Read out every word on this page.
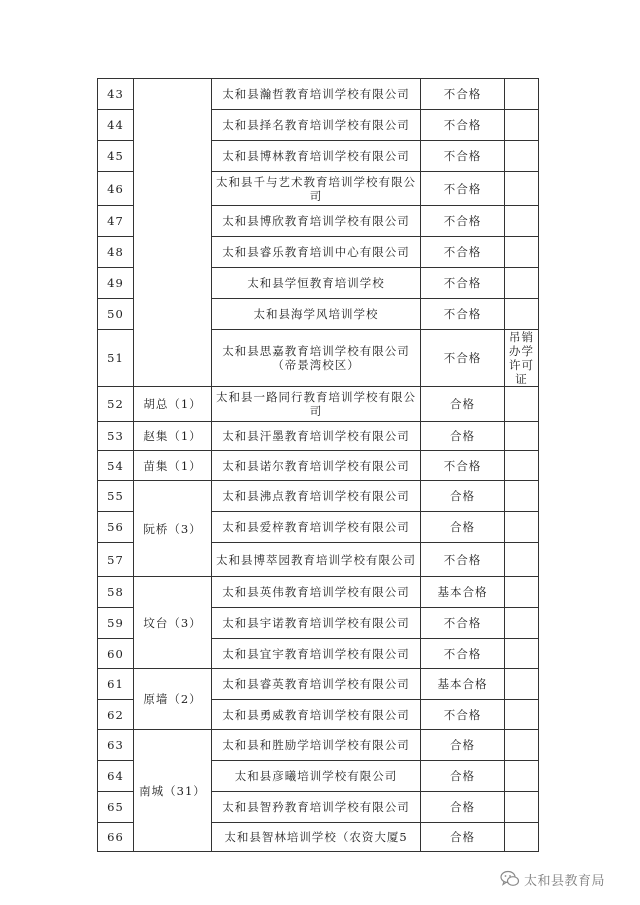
43		太和县瀚哲教育培训学校有限公司	不合格	
44		太和县择名教育培训学校有限公司	不合格	
45		太和县博林教育培训学校有限公司	不合格	
46		太和县千与艺术教育培训学校有限公司	不合格	
47		太和县博欣教育培训学校有限公司	不合格	
48		太和县睿乐教育培训中心有限公司	不合格	
49		太和县学恒教育培训学校	不合格	
50		太和县海学风培训学校	不合格	
51		太和县思嘉教育培训学校有限公司（帝景湾校区）	不合格	吊销办学许可证
52	胡总（1）	太和县一路同行教育培训学校有限公司	合格	
53	赵集（1）	太和县汗墨教育培训学校有限公司	合格	
54	苗集（1）	太和县诺尔教育培训学校有限公司	不合格	
55	阮桥（3）	太和县沸点教育培训学校有限公司	合格	
56		太和县爱梓教育培训学校有限公司	合格	
57		太和县博萃园教育培训学校有限公司	不合格	
58	坟台（3）	太和县英伟教育培训学校有限公司	基本合格	
59		太和县宇诺教育培训学校有限公司	不合格	
60		太和县宜宇教育培训学校有限公司	不合格	
61	原墙（2）	太和县睿英教育培训学校有限公司	基本合格	
62		太和县勇威教育培训学校有限公司	不合格	
63	南城（31）	太和县和胜励学培训学校有限公司	合格	
64		太和县彦曦培训学校有限公司	合格	
65		太和县智矜教育培训学校有限公司	合格	
66		太和县智林培训学校（农资大厦5	合格	
太和县教育局
